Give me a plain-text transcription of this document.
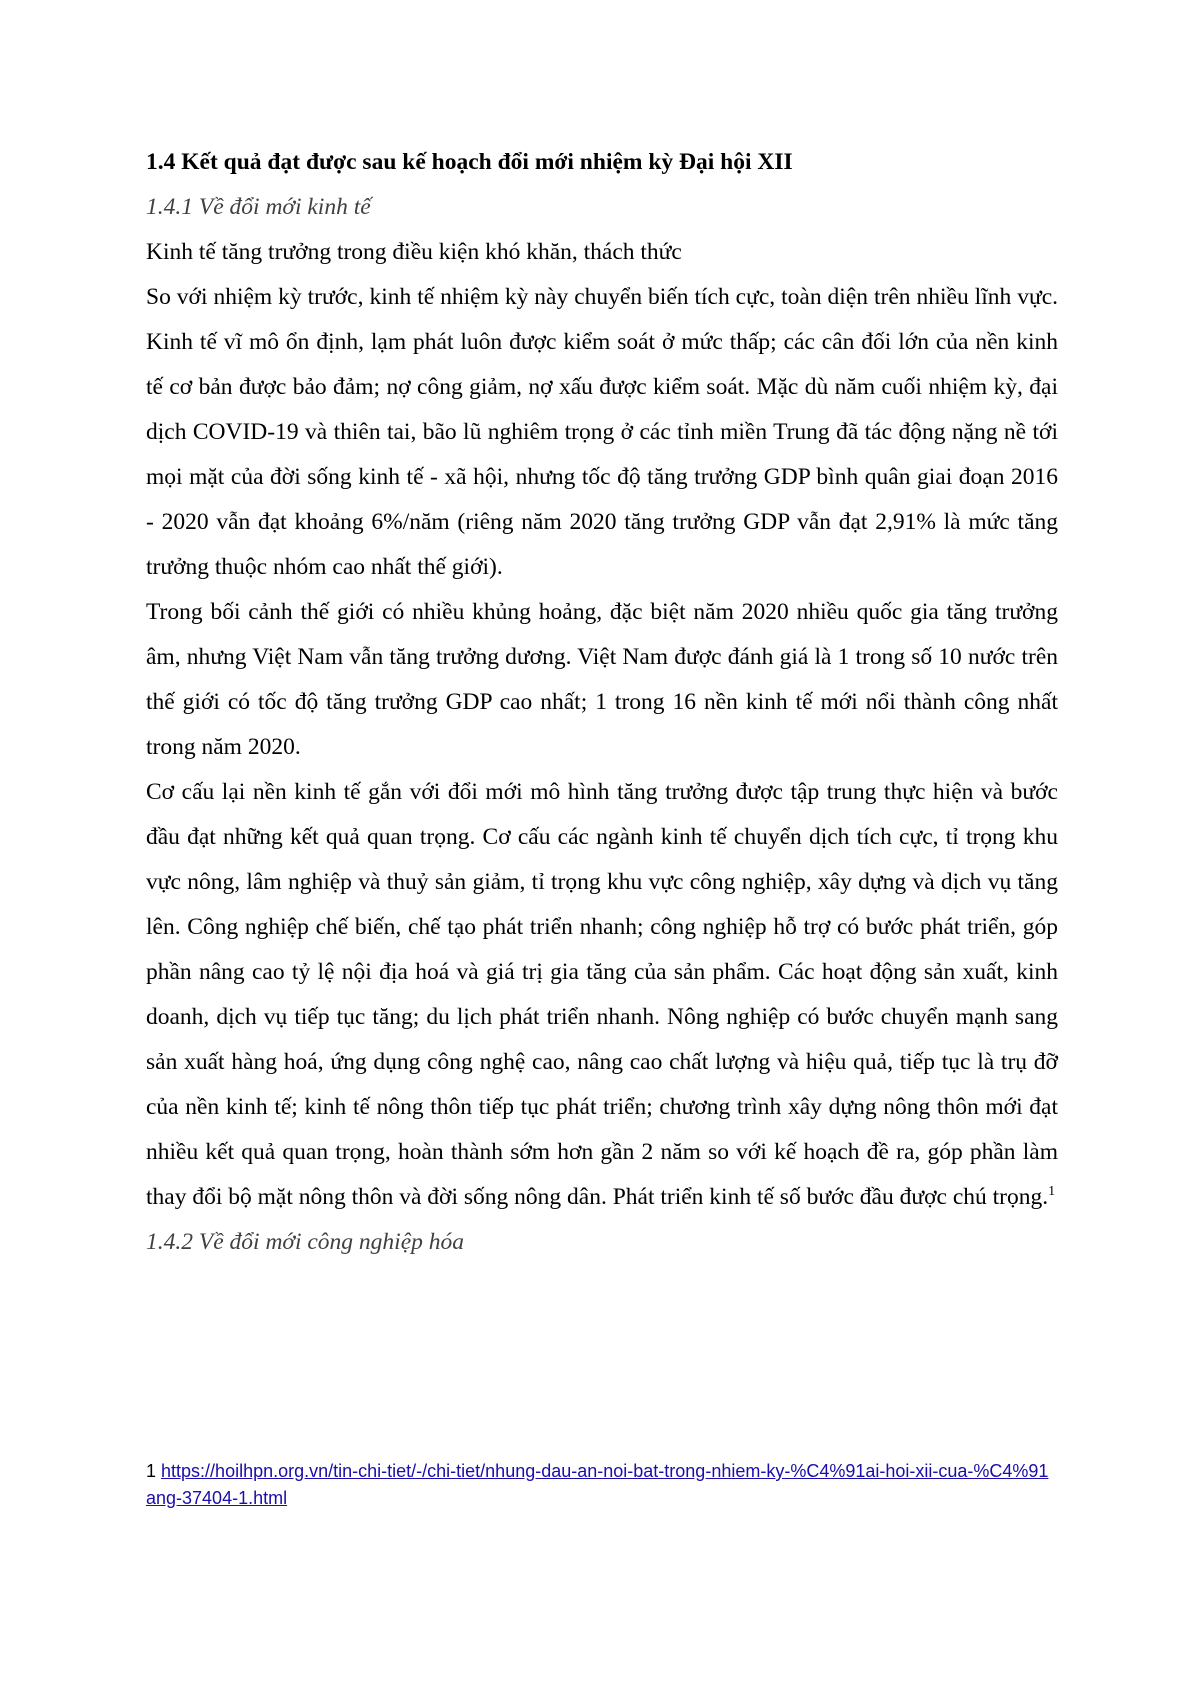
1.4 Kết quả đạt được sau kế hoạch đổi mới nhiệm kỳ Đại hội XII

1.4.1 Về đổi mới kinh tế

Kinh tế tăng trưởng trong điều kiện khó khăn, thách thức

So với nhiệm kỳ trước, kinh tế nhiệm kỳ này chuyển biến tích cực, toàn diện trên nhiều lĩnh vực. Kinh tế vĩ mô ổn định, lạm phát luôn được kiểm soát ở mức thấp; các cân đối lớn của nền kinh tế cơ bản được bảo đảm; nợ công giảm, nợ xấu được kiểm soát. Mặc dù năm cuối nhiệm kỳ, đại dịch COVID-19 và thiên tai, bão lũ nghiêm trọng ở các tỉnh miền Trung đã tác động nặng nề tới mọi mặt của đời sống kinh tế - xã hội, nhưng tốc độ tăng trưởng GDP bình quân giai đoạn 2016 - 2020 vẫn đạt khoảng 6%/năm (riêng năm 2020 tăng trưởng GDP vẫn đạt 2,91% là mức tăng trưởng thuộc nhóm cao nhất thế giới).

Trong bối cảnh thế giới có nhiều khủng hoảng, đặc biệt năm 2020 nhiều quốc gia tăng trưởng âm, nhưng Việt Nam vẫn tăng trưởng dương. Việt Nam được đánh giá là 1 trong số 10 nước trên thế giới có tốc độ tăng trưởng GDP cao nhất; 1 trong 16 nền kinh tế mới nổi thành công nhất trong năm 2020.

Cơ cấu lại nền kinh tế gắn với đổi mới mô hình tăng trưởng được tập trung thực hiện và bước đầu đạt những kết quả quan trọng. Cơ cấu các ngành kinh tế chuyển dịch tích cực, tỉ trọng khu vực nông, lâm nghiệp và thuỷ sản giảm, tỉ trọng khu vực công nghiệp, xây dựng và dịch vụ tăng lên. Công nghiệp chế biến, chế tạo phát triển nhanh; công nghiệp hỗ trợ có bước phát triển, góp phần nâng cao tỷ lệ nội địa hoá và giá trị gia tăng của sản phẩm. Các hoạt động sản xuất, kinh doanh, dịch vụ tiếp tục tăng; du lịch phát triển nhanh. Nông nghiệp có bước chuyển mạnh sang sản xuất hàng hoá, ứng dụng công nghệ cao, nâng cao chất lượng và hiệu quả, tiếp tục là trụ đỡ của nền kinh tế; kinh tế nông thôn tiếp tục phát triển; chương trình xây dựng nông thôn mới đạt nhiều kết quả quan trọng, hoàn thành sớm hơn gần 2 năm so với kế hoạch đề ra, góp phần làm thay đổi bộ mặt nông thôn và đời sống nông dân. Phát triển kinh tế số bước đầu được chú trọng.$^1$

1.4.2 Về đổi mới công nghiệp hóa

1 https://hoilhpn.org.vn/tin-chi-tiet/-/chi-tiet/nhung-dau-an-noi-bat-trong-nhiem-ky-%C4%91ai-hoi-xii-cua-%C4%91ang-37404-1.html
